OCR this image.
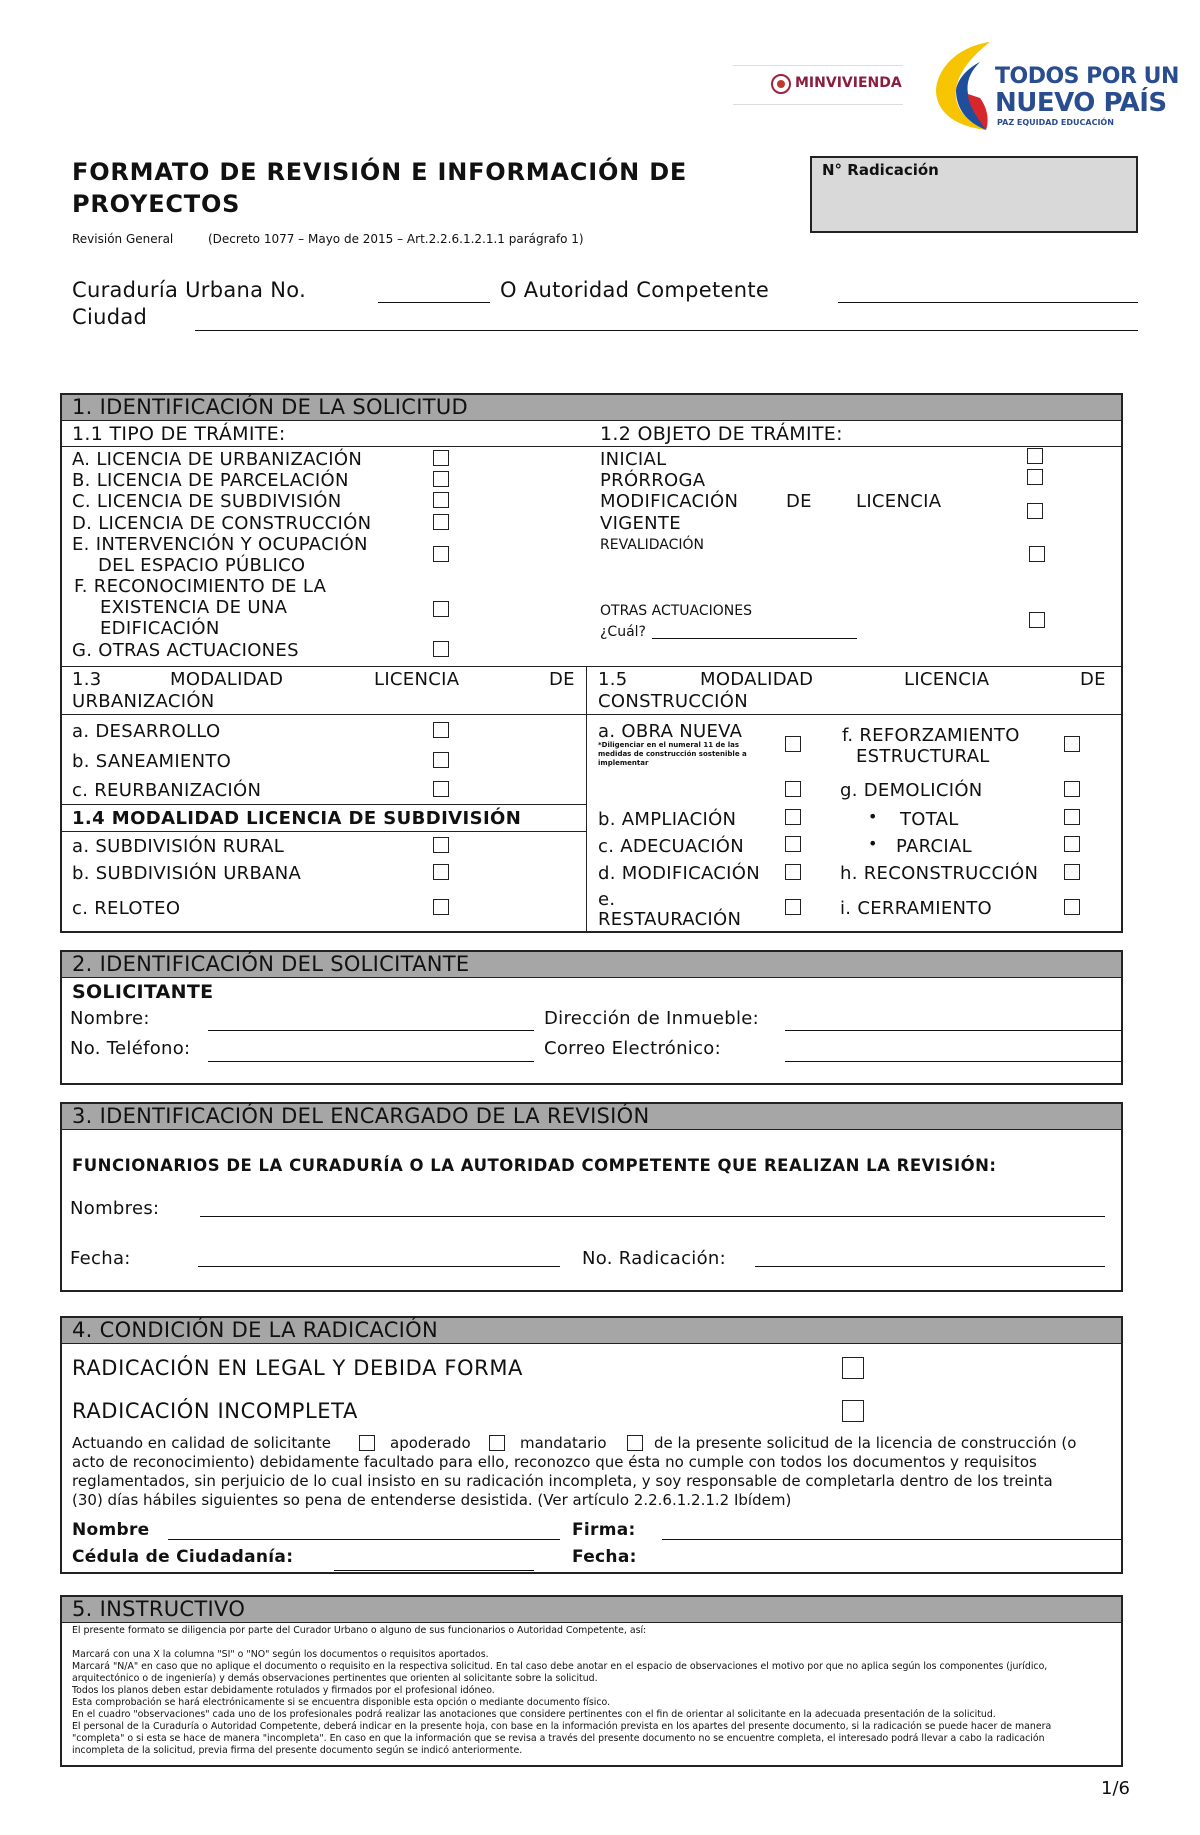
MINVIVIENDA	TODOS POR UN
NUEVO PAÍS
PAZ EQUIDAD EDUCACIÓN
FORMATO DE REVISIÓN E INFORMACIÓN DE
PROYECTOS
Revisión General	(Decreto 1077 – Mayo de 2015 – Art.2.2.6.1.2.1.1 parágrafo 1)
N° Radicación
Curaduría Urbana No.	O Autoridad Competente
Ciudad
1. IDENTIFICACIÓN DE LA SOLICITUD
1.1 TIPO DE TRÁMITE:	1.2 OBJETO DE TRÁMITE:
A. LICENCIA DE URBANIZACIÓN
B. LICENCIA DE PARCELACIÓN
C. LICENCIA DE SUBDIVISIÓN
D. LICENCIA DE CONSTRUCCIÓN
E. INTERVENCIÓN Y OCUPACIÓN
DEL ESPACIO PÚBLICO
F. RECONOCIMIENTO DE LA
EXISTENCIA DE UNA
EDIFICACIÓN
G. OTRAS ACTUACIONES
INICIAL
PRÓRROGA
MODIFICACIÓN	DE LICENCIA
VIGENTE
REVALIDACIÓN
OTRAS ACTUACIONES
¿Cuál?
1.3	MODALIDAD	LICENCIA	DE
URBANIZACIÓN
1.5	MODALIDAD	LICENCIA	DE
CONSTRUCCIÓN
a. DESARROLLO
b. SANEAMIENTO
c. REURBANIZACIÓN
1.4 MODALIDAD LICENCIA DE SUBDIVISIÓN
a. SUBDIVISIÓN RURAL
b. SUBDIVISIÓN URBANA
c. RELOTEO
a. OBRA NUEVA
*Diligenciar en el numeral 11 de las
medidas de construcción sostenible a
implementar
b. AMPLIACIÓN
c. ADECUACIÓN
d. MODIFICACIÓN
e.
RESTAURACIÓN
f. REFORZAMIENTO
ESTRUCTURAL
g. DEMOLICIÓN
• TOTAL
• PARCIAL
h. RECONSTRUCCIÓN
i. CERRAMIENTO
2. IDENTIFICACIÓN DEL SOLICITANTE
SOLICITANTE
Nombre:	Dirección de Inmueble:
No. Teléfono:	Correo Electrónico:
3. IDENTIFICACIÓN DEL ENCARGADO DE LA REVISIÓN
FUNCIONARIOS DE LA CURADURÍA O LA AUTORIDAD COMPETENTE QUE REALIZAN LA REVISIÓN:
Nombres:
Fecha:	No. Radicación:
4. CONDICIÓN DE LA RADICACIÓN
RADICACIÓN EN LEGAL Y DEBIDA FORMA
RADICACIÓN INCOMPLETA
Actuando en calidad de solicitante	apoderado	mandatario	de la presente solicitud de la licencia de construcción (o
acto de reconocimiento) debidamente facultado para ello, reconozco que ésta no cumple con todos los documentos y requisitos
reglamentados, sin perjuicio de lo cual insisto en su radicación incompleta, y soy responsable de completarla dentro de los treinta
(30) días hábiles siguientes so pena de entenderse desistida. (Ver artículo 2.2.6.1.2.1.2 Ibídem)
Nombre	Firma:
Cédula de Ciudadanía:	Fecha:
5. INSTRUCTIVO
El presente formato se diligencia por parte del Curador Urbano o alguno de sus funcionarios o Autoridad Competente, así:
Marcará con una X la columna "SI" o "NO" según los documentos o requisitos aportados.
Marcará "N/A" en caso que no aplique el documento o requisito en la respectiva solicitud. En tal caso debe anotar en el espacio de observaciones el motivo por que no aplica según los componentes (jurídico,
arquitectónico o de ingeniería) y demás observaciones pertinentes que orienten al solicitante sobre la solicitud.
Todos los planos deben estar debidamente rotulados y firmados por el profesional idóneo.
Esta comprobación se hará electrónicamente si se encuentra disponible esta opción o mediante documento físico.
En el cuadro "observaciones" cada uno de los profesionales podrá realizar las anotaciones que considere pertinentes con el fin de orientar al solicitante en la adecuada presentación de la solicitud.
El personal de la Curaduría o Autoridad Competente, deberá indicar en la presente hoja, con base en la información prevista en los apartes del presente documento, si la radicación se puede hacer de manera
"completa" o si esta se hace de manera "incompleta". En caso en que la información que se revisa a través del presente documento no se encuentre completa, el interesado podrá llevar a cabo la radicación
incompleta de la solicitud, previa firma del presente documento según se indicó anteriormente.
1/6
